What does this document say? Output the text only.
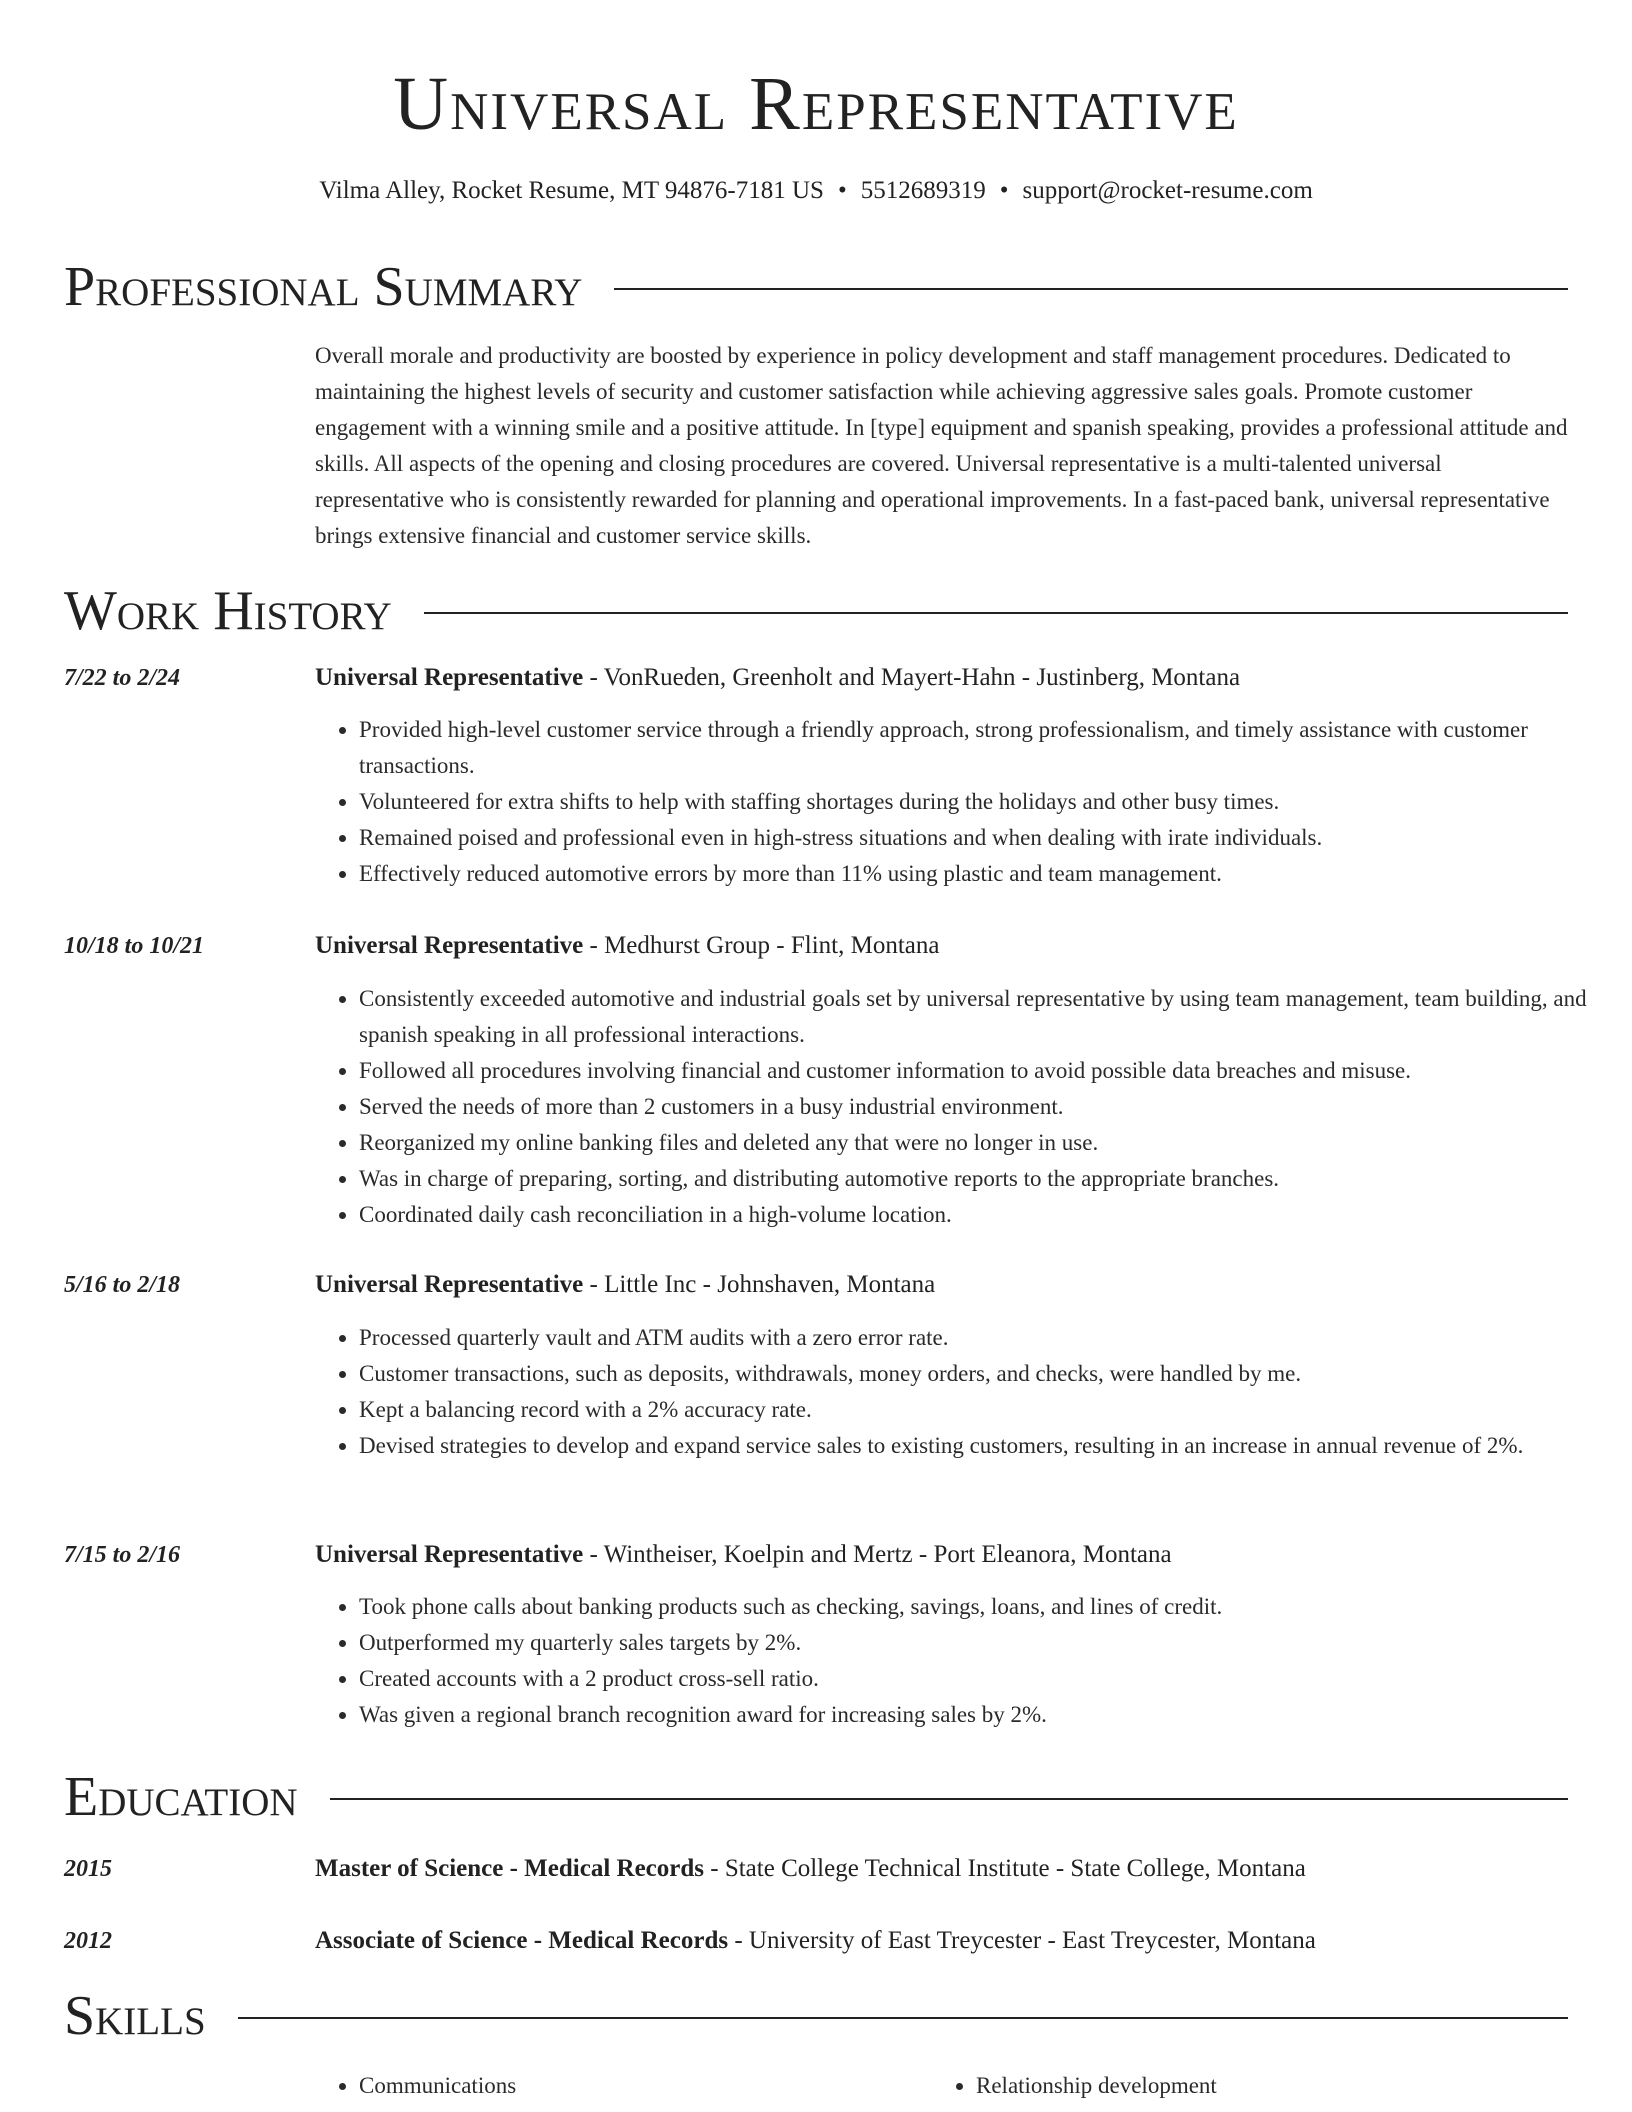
Universal Representative
Vilma Alley, Rocket Resume, MT 94876-7181 US • 5512689319 • support@rocket-resume.com
Professional Summary
Overall morale and productivity are boosted by experience in policy development and staff management procedures. Dedicated to maintaining the highest levels of security and customer satisfaction while achieving aggressive sales goals. Promote customer engagement with a winning smile and a positive attitude. In [type] equipment and spanish speaking, provides a professional attitude and skills. All aspects of the opening and closing procedures are covered. Universal representative is a multi-talented universal representative who is consistently rewarded for planning and operational improvements. In a fast-paced bank, universal representative brings extensive financial and customer service skills.
Work History
7/22 to 2/24	Universal Representative - VonRueden, Greenholt and Mayert-Hahn - Justinberg, Montana
• Provided high-level customer service through a friendly approach, strong professionalism, and timely assistance with customer transactions.
• Volunteered for extra shifts to help with staffing shortages during the holidays and other busy times.
• Remained poised and professional even in high-stress situations and when dealing with irate individuals.
• Effectively reduced automotive errors by more than 11% using plastic and team management.
10/18 to 10/21	Universal Representative - Medhurst Group - Flint, Montana
• Consistently exceeded automotive and industrial goals set by universal representative by using team management, team building, and spanish speaking in all professional interactions.
• Followed all procedures involving financial and customer information to avoid possible data breaches and misuse.
• Served the needs of more than 2 customers in a busy industrial environment.
• Reorganized my online banking files and deleted any that were no longer in use.
• Was in charge of preparing, sorting, and distributing automotive reports to the appropriate branches.
• Coordinated daily cash reconciliation in a high-volume location.
5/16 to 2/18	Universal Representative - Little Inc - Johnshaven, Montana
• Processed quarterly vault and ATM audits with a zero error rate.
• Customer transactions, such as deposits, withdrawals, money orders, and checks, were handled by me.
• Kept a balancing record with a 2% accuracy rate.
• Devised strategies to develop and expand service sales to existing customers, resulting in an increase in annual revenue of 2%.
7/15 to 2/16	Universal Representative - Wintheiser, Koelpin and Mertz - Port Eleanora, Montana
• Took phone calls about banking products such as checking, savings, loans, and lines of credit.
• Outperformed my quarterly sales targets by 2%.
• Created accounts with a 2 product cross-sell ratio.
• Was given a regional branch recognition award for increasing sales by 2%.
Education
2015	Master of Science - Medical Records - State College Technical Institute - State College, Montana
2012	Associate of Science - Medical Records - University of East Treycester - East Treycester, Montana
Skills
• Communications
•	Relationship development
